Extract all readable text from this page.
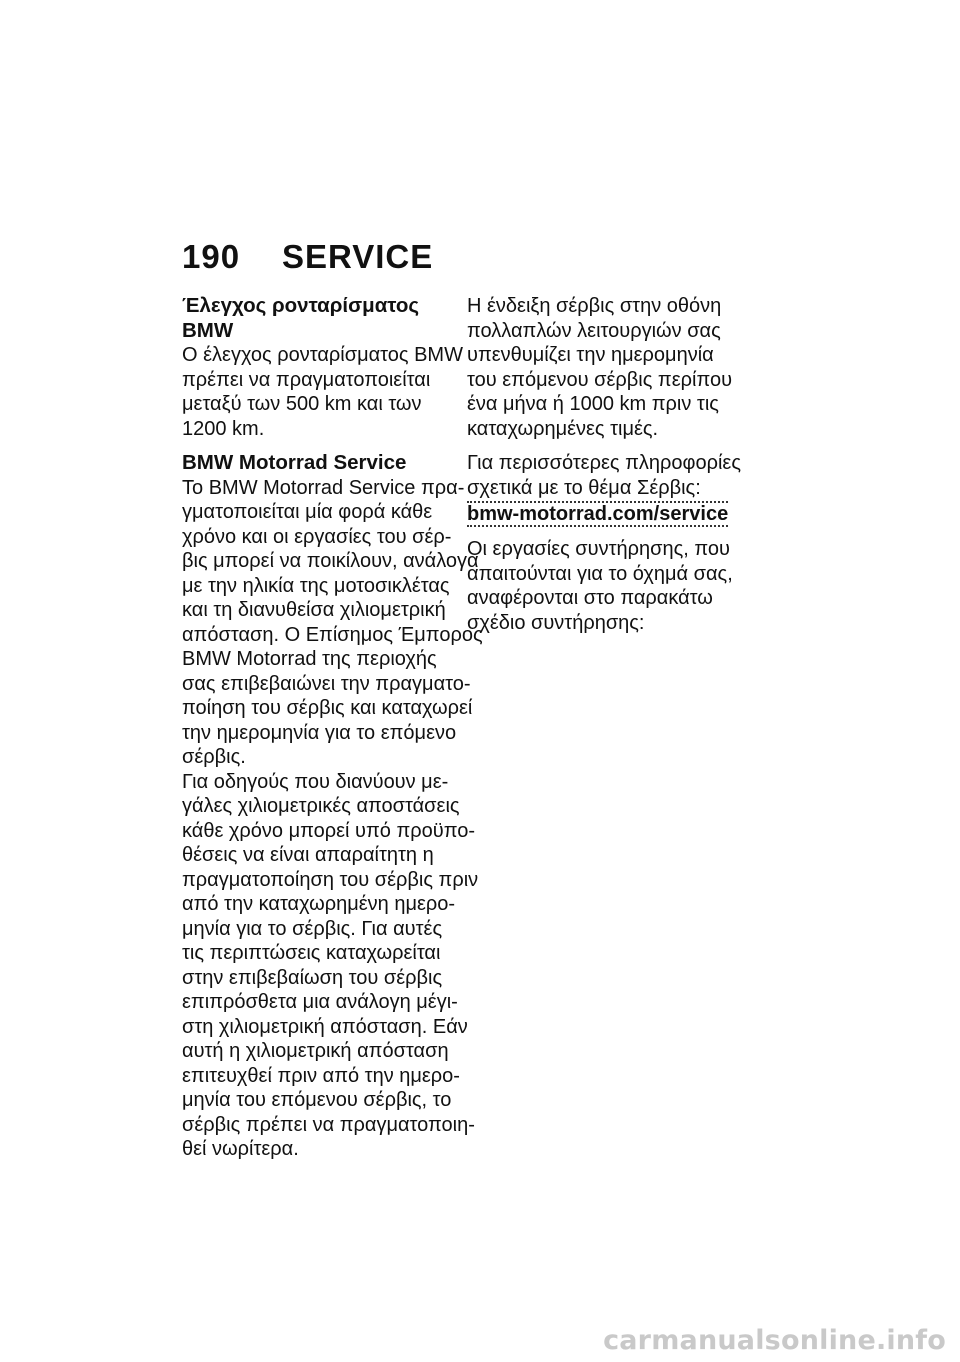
190 SERVICE
Έλεγχος ρονταρίσματος
BMW
Ο έλεγχος ρονταρίσματος BMW
πρέπει να πραγματοποιείται
μεταξύ των 500 km και των
1200 km.
BMW Motorrad Service
Το BMW Motorrad Service πρα-
γματοποιείται μία φορά κάθε
χρόνο και οι εργασίες του σέρ-
βις μπορεί να ποικίλουν, ανάλογα
με την ηλικία της μοτοσικλέτας
και τη διανυθείσα χιλιομετρική
απόσταση. Ο Επίσημος Έμπορος
BMW Motorrad της περιοχής
σας επιβεβαιώνει την πραγματο-
ποίηση του σέρβις και καταχωρεί
την ημερομηνία για το επόμενο
σέρβις.
Για οδηγούς που διανύουν με-
γάλες χιλιομετρικές αποστάσεις
κάθε χρόνο μπορεί υπό προϋπο-
θέσεις να είναι απαραίτητη η
πραγματοποίηση του σέρβις πριν
από την καταχωρημένη ημερο-
μηνία για το σέρβις. Για αυτές
τις περιπτώσεις καταχωρείται
στην επιβεβαίωση του σέρβις
επιπρόσθετα μια ανάλογη μέγι-
στη χιλιομετρική απόσταση. Εάν
αυτή η χιλιομετρική απόσταση
επιτευχθεί πριν από την ημερο-
μηνία του επόμενου σέρβις, το
σέρβις πρέπει να πραγματοποιη-
θεί νωρίτερα.
Η ένδειξη σέρβις στην οθόνη
πολλαπλών λειτουργιών σας
υπενθυμίζει την ημερομηνία
του επόμενου σέρβις περίπου
ένα μήνα ή 1000 km πριν τις
καταχωρημένες τιμές.
Για περισσότερες πληροφορίες
σχετικά με το θέμα Σέρβις:
bmw-motorrad.com/service
Οι εργασίες συντήρησης, που
απαιτούνται για το όχημά σας,
αναφέρονται στο παρακάτω
σχέδιο συντήρησης:
carmanualsonline.info
